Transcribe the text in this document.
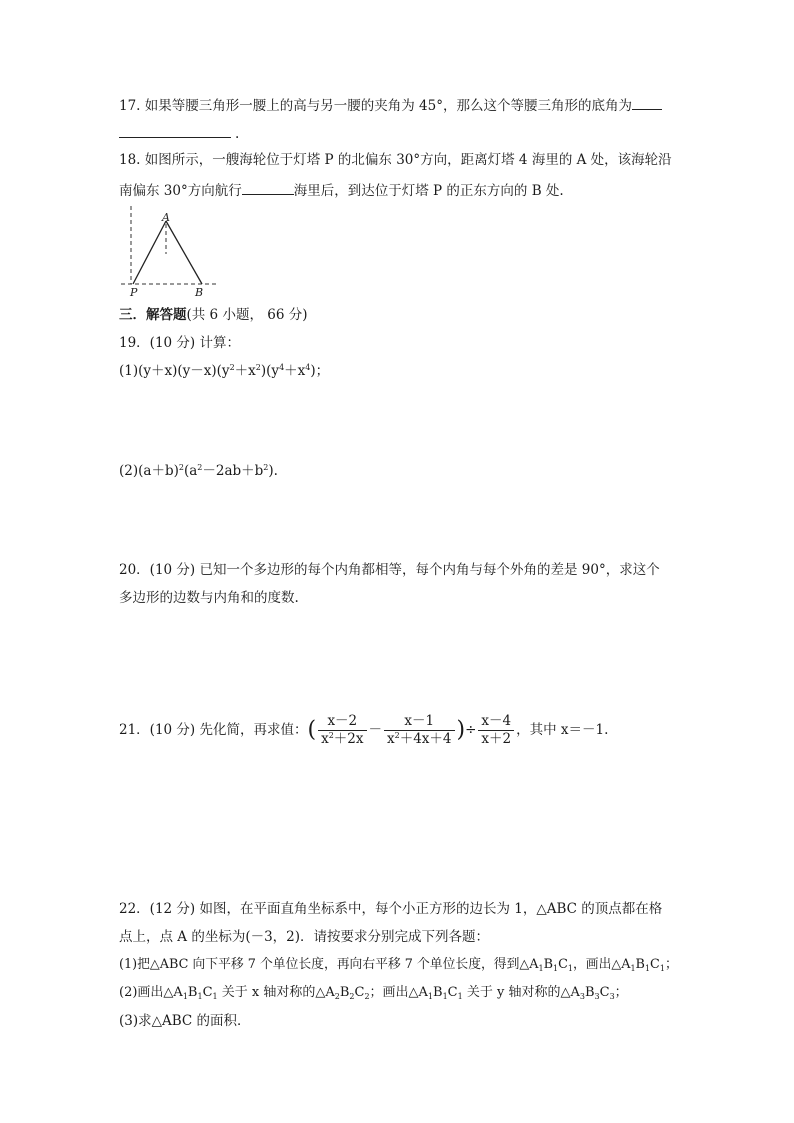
17. 如果等腰三角形一腰上的高与另一腰的夹角为 45°，那么这个等腰三角形的底角为
.
18. 如图所示，一艘海轮位于灯塔 P 的北偏东 30°方向，距离灯塔 4 海里的 A 处，该海轮沿
南偏东 30°方向航行	海里后，到达位于灯塔 P 的正东方向的 B 处.
A
P	B
三．解答题(共 6 小题， 66 分)
19．(10 分) 计算：
$(1)(y+x)(y-x)(y^2+x^2)(y^4+x^4)$；
$(2)(a+b)^2(a^2-2ab+b^2)$.
20．(10 分) 已知一个多边形的每个内角都相等，每个内角与每个外角的差是 90°，求这个
多边形的边数与内角和的度数.
21．(10 分) 先化简，再求值：( $\frac{x-2}{x^2+2x} - \frac{x-1}{x^2+4x+4}$ )÷ $\frac{x-4}{x+2}$ ，其中 x＝－1.
22．(12 分) 如图，在平面直角坐标系中，每个小正方形的边长为 1，△ABC 的顶点都在格
点上，点 A 的坐标为(－3，2)．请按要求分别完成下列各题：
(1)把△ABC 向下平移 7 个单位长度，再向右平移 7 个单位长度，得到$\triangle A_1B_1C_1$，画出$\triangle A_1B_1C_1$；
(2)画出$\triangle A_1B_1C_1$ 关于 x 轴对称的$\triangle A_2B_2C_2$；画出$\triangle A_1B_1C_1$ 关于 y 轴对称的$\triangle A_3B_3C_3$；
(3)求△ABC 的面积．
